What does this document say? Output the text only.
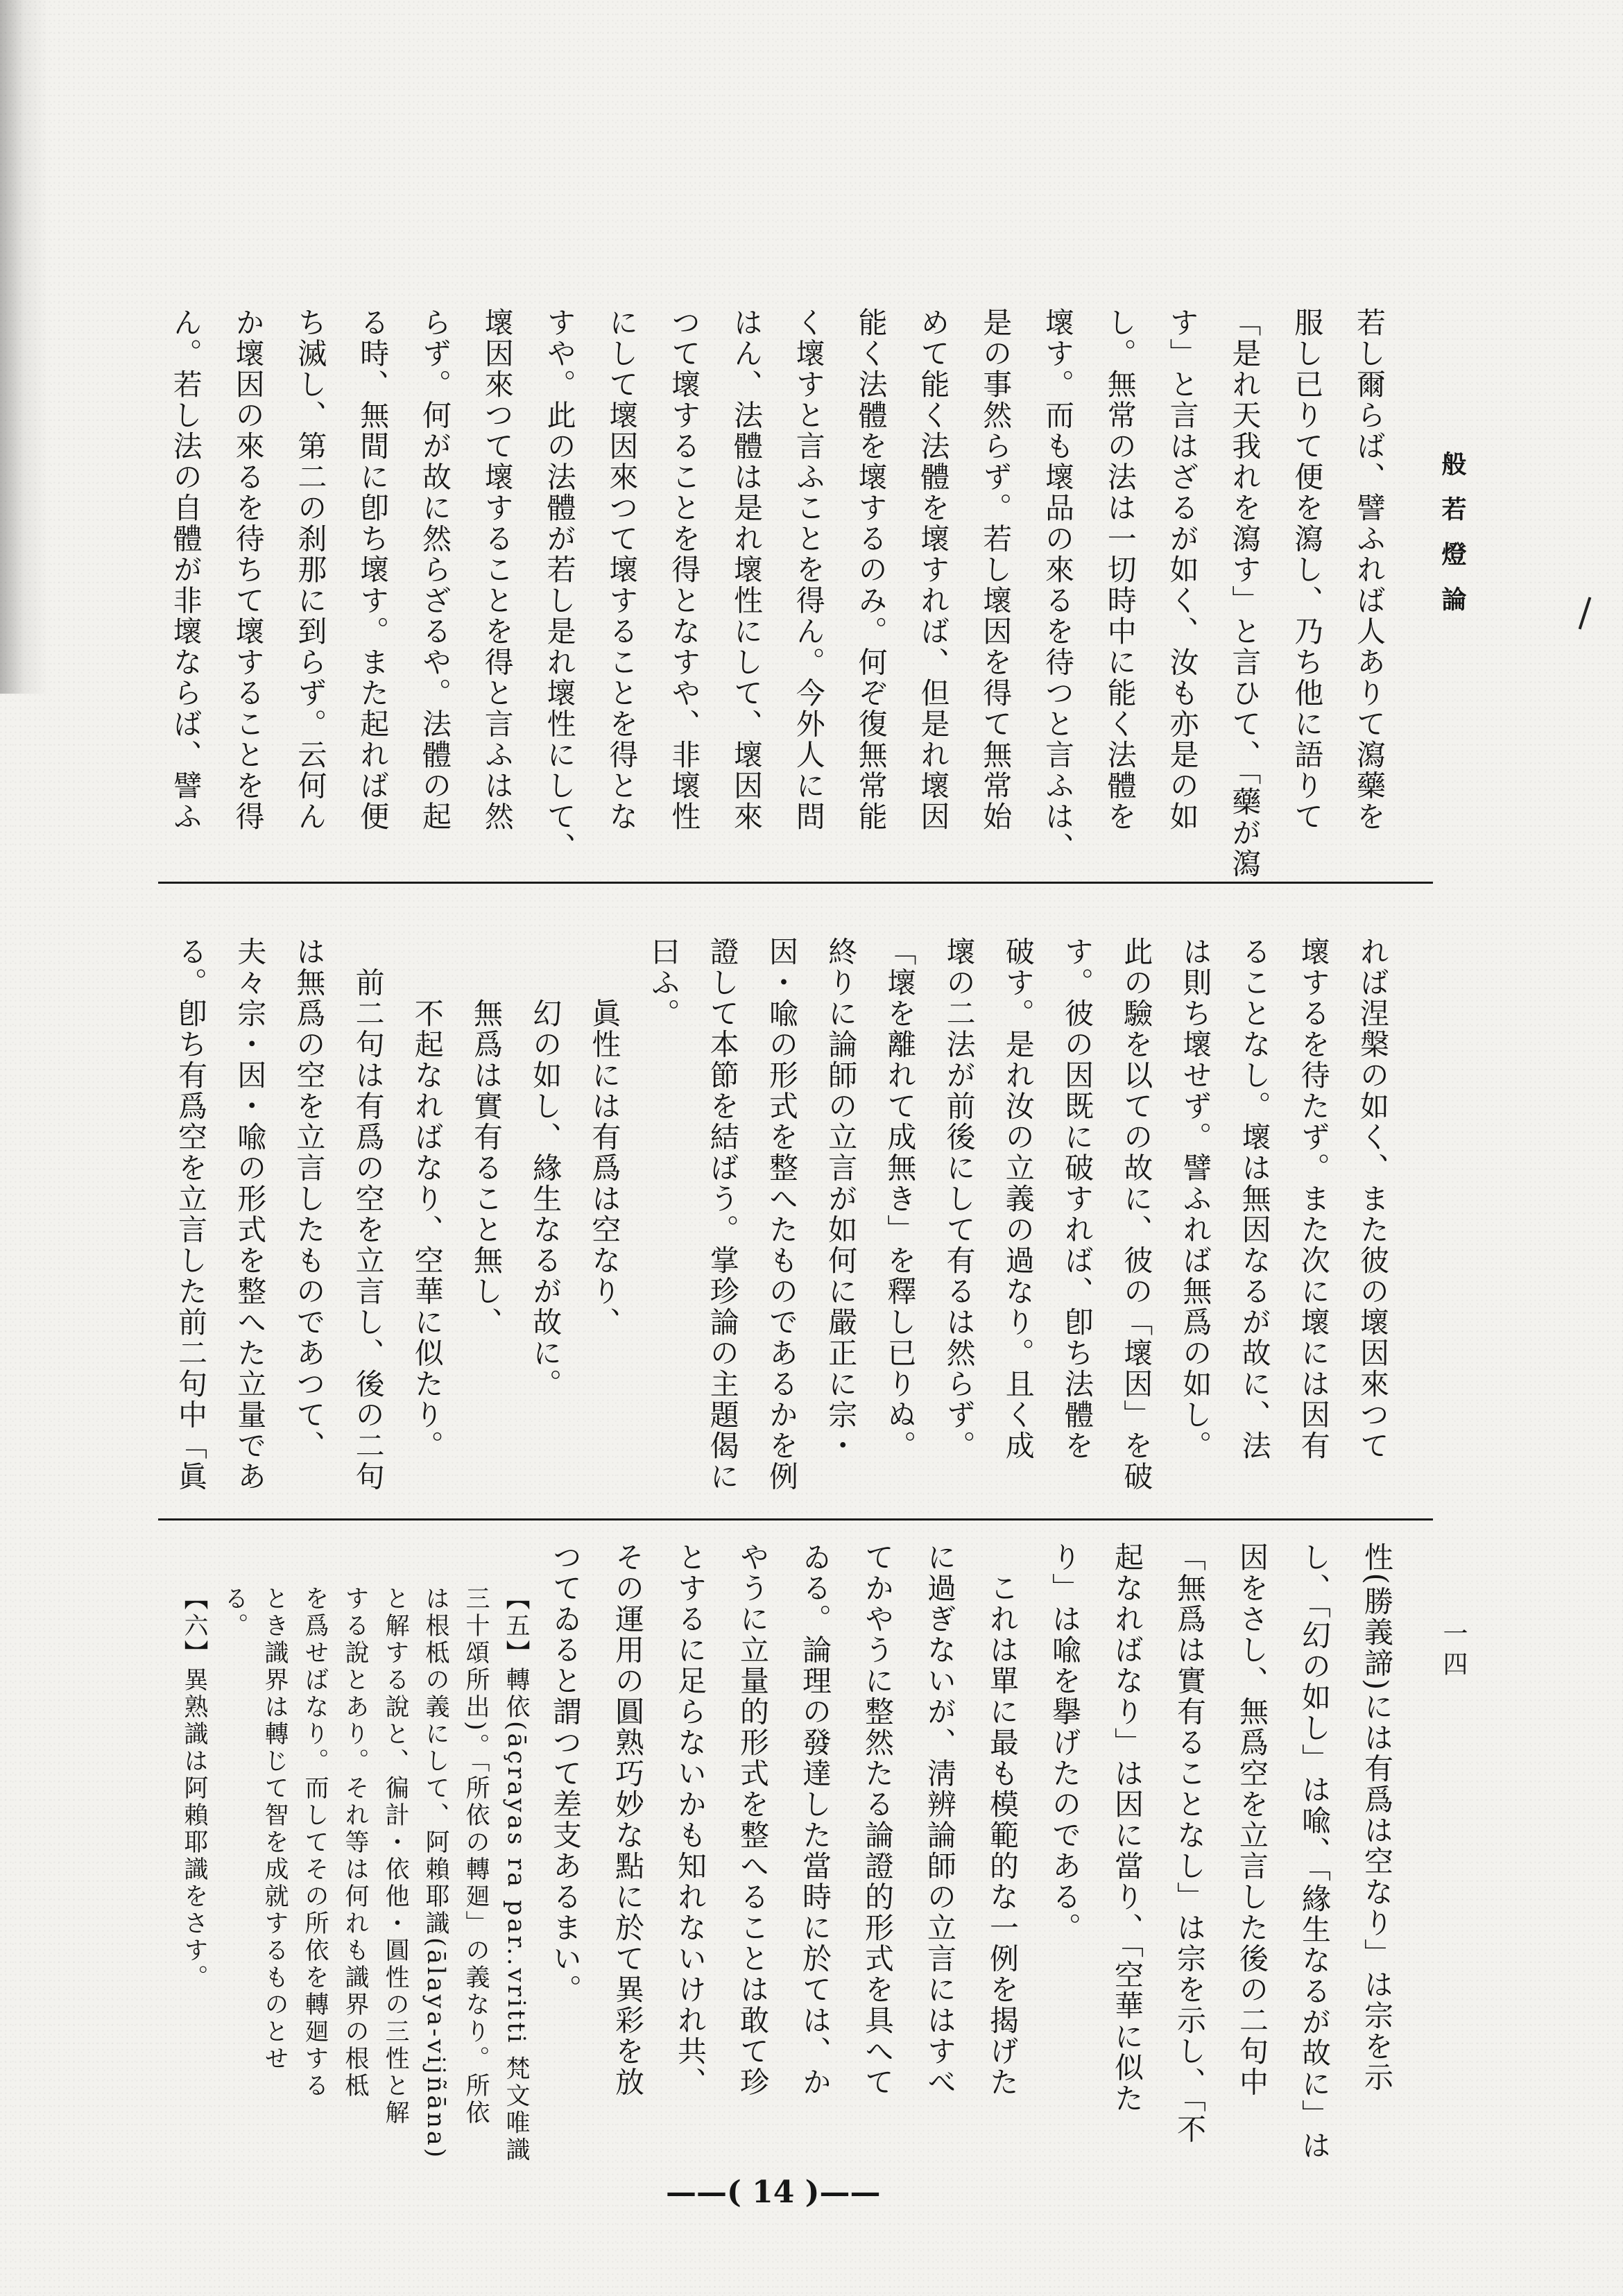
般若燈論
一四
若し爾らば、譬ふれば人ありて瀉藥を
服し已りて便を瀉し、乃ち他に語りて
「是れ天我れを瀉す」と言ひて、「藥が瀉
す」と言はざるが如く、汝も亦是の如
し。無常の法は一切時中に能く法體を
壞す。而も壞品の來るを待つと言ふは、
是の事然らず。若し壞因を得て無常始
めて能く法體を壞すれば、但是れ壞因
能く法體を壞するのみ。何ぞ復無常能
く壞すと言ふことを得ん。今外人に問
はん、法體は是れ壞性にして、壞因來
つて壞することを得となすや、非壞性
にして壞因來つて壞することを得とな
すや。此の法體が若し是れ壞性にして、
壞因來つて壞することを得と言ふは然
らず。何が故に然らざるや。法體の起
る時、無間に卽ち壞す。また起れば便
ち滅し、第二の刹那に到らず。云何ん
か壞因の來るを待ちて壞することを得
ん。若し法の自體が非壞ならば、譬ふ
れば涅槃の如く、また彼の壞因來つて
壞するを待たず。また次に壞には因有
ることなし。壞は無因なるが故に、法
は則ち壞せず。譬ふれば無爲の如し。
此の驗を以ての故に、彼の「壞因」を破
す。彼の因既に破すれば、卽ち法體を
破す。是れ汝の立義の過なり。且く成
壞の二法が前後にして有るは然らず。
「壞を離れて成無き」を釋し已りぬ。
終りに論師の立言が如何に嚴正に宗・
因・喩の形式を整へたものであるかを例
證して本節を結ばう。掌珍論の主題偈に
曰ふ。
　　眞性には有爲は空なり、
　　幻の如し、緣生なるが故に。
　　無爲は實有ること無し、
　　不起なればなり、空華に似たり。
　前二句は有爲の空を立言し、後の二句
は無爲の空を立言したものであつて、
夫々宗・因・喩の形式を整へた立量であ
る。卽ち有爲空を立言した前二句中「眞
性(勝義諦)には有爲は空なり」は宗を示
し、「幻の如し」は喩、「緣生なるが故に」は
因をさし、無爲空を立言した後の二句中
「無爲は實有ることなし」は宗を示し、「不
起なればなり」は因に當り、「空華に似た
り」は喩を擧げたのである。
　これは單に最も模範的な一例を揭げた
に過ぎないが、淸辨論師の立言にはすべ
てかやうに整然たる論證的形式を具へて
ゐる。論理の發達した當時に於ては、か
やうに立量的形式を整へることは敢て珍
とするに足らないかも知れないけれ共、
その運用の圓熟巧妙な點に於て異彩を放
つてゐると謂つて差支あるまい。
【五】轉依(āçrayas ra par..vritti 梵文唯識
三十頌所出)。「所依の轉廻」の義なり。所依
は根柢の義にして、阿賴耶識(ālaya-vijñāna)
と解する說と、徧計・依他・圓性の三性と解
する說とあり。それ等は何れも識界の根柢
を爲せばなり。而してその所依を轉廻する
とき識界は轉じて智を成就するものとせ
る。
【六】異熟識は阿賴耶識をさす。
——( 14 )——
